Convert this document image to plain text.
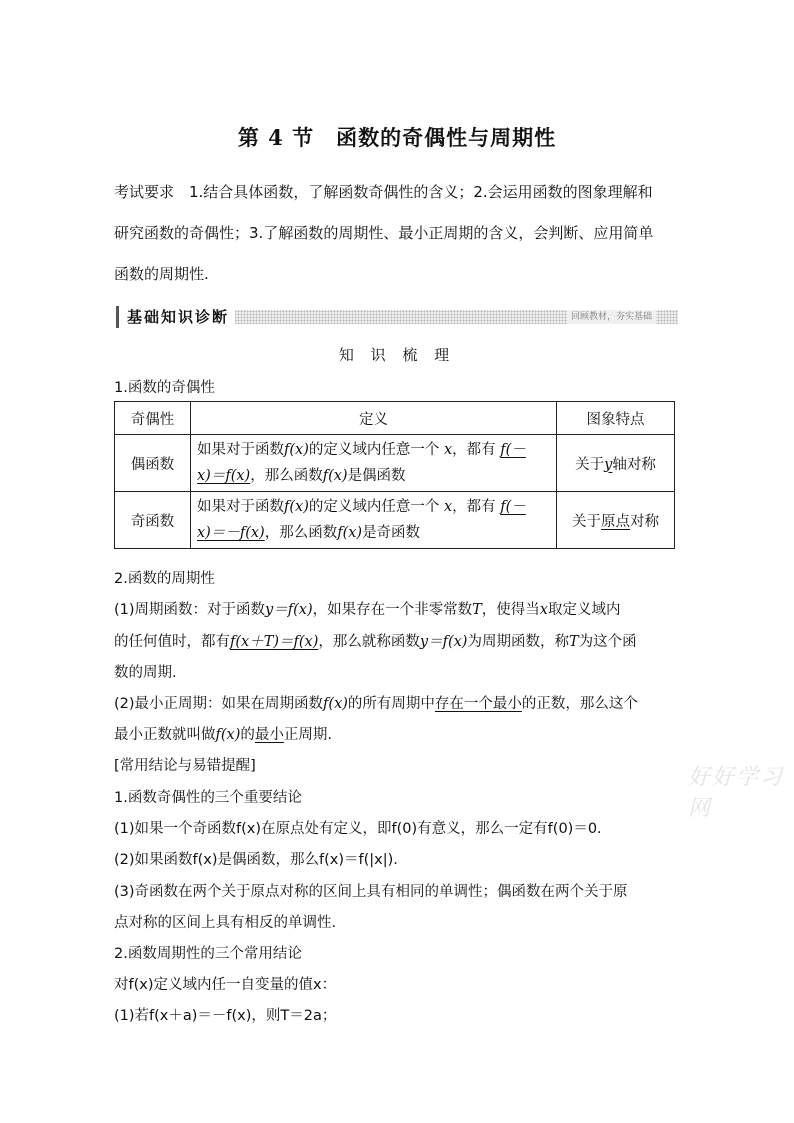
第 4 节　函数的奇偶性与周期性
考试要求　1.结合具体函数，了解函数奇偶性的含义；2.会运用函数的图象理解和
研究函数的奇偶性；3.了解函数的周期性、最小正周期的含义，会判断、应用简单
函数的周期性.
基础知识诊断	回顾教材，夯实基础
知 识 梳 理
1.函数的奇偶性
奇偶性	定义	图象特点
偶函数	如果对于函数f(x)的定义域内任意一个 x，都有 f(－
x)＝f(x)，那么函数f(x)是偶函数	关于y轴对称
奇函数	如果对于函数f(x)的定义域内任意一个 x，都有 f(－
x)＝－f(x)，那么函数f(x)是奇函数	关于原点对称
2.函数的周期性
(1)周期函数：对于函数y＝f(x)，如果存在一个非零常数T，使得当x取定义域内
的任何值时，都有f(x＋T)＝f(x)，那么就称函数y＝f(x)为周期函数，称T为这个函
数的周期.
(2)最小正周期：如果在周期函数f(x)的所有周期中存在一个最小的正数，那么这个
最小正数就叫做f(x)的最小正周期.
[常用结论与易错提醒]	好好学习网
1.函数奇偶性的三个重要结论
(1)如果一个奇函数f(x)在原点处有定义，即f(0)有意义，那么一定有f(0)＝0.
(2)如果函数f(x)是偶函数，那么f(x)＝f(|x|).
(3)奇函数在两个关于原点对称的区间上具有相同的单调性；偶函数在两个关于原
点对称的区间上具有相反的单调性.
2.函数周期性的三个常用结论
对f(x)定义域内任一自变量的值x：
(1)若f(x＋a)＝－f(x)，则T＝2a；
